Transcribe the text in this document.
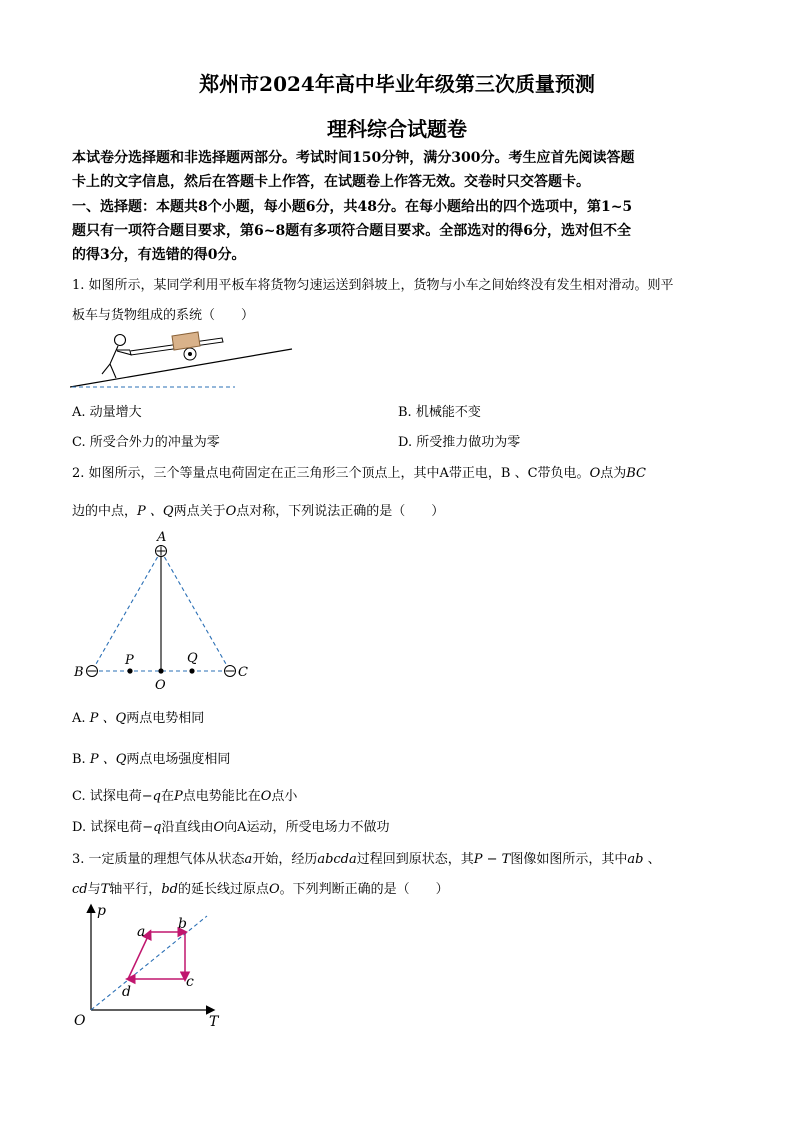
郑州市2024年高中毕业年级第三次质量预测
理科综合试题卷
本试卷分选择题和非选择题两部分。考试时间150分钟，满分300分。考生应首先阅读答题
卡上的文字信息，然后在答题卡上作答，在试题卷上作答无效。交卷时只交答题卡。
一、选择题：本题共8个小题，每小题6分，共48分。在每小题给出的四个选项中，第1~5
题只有一项符合题目要求，第6~8题有多项符合题目要求。全部选对的得6分，选对但不全
的得3分，有选错的得0分。
1. 如图所示，某同学利用平板车将货物匀速运送到斜坡上，货物与小车之间始终没有发生相对滑动。则平
板车与货物组成的系统（　　）
A. 动量增大	B. 机械能不变
C. 所受合外力的冲量为零	D. 所受推力做功为零
2. 如图所示，三个等量点电荷固定在正三角形三个顶点上，其中A带正电，B 、C带负电。O点为BC
边的中点，P 、Q两点关于O点对称，下列说法正确的是（　　）
A
B	C
P	Q
O
A. P 、Q两点电势相同
B. P 、Q两点电场强度相同
C. 试探电荷−q在P点电势能比在O点小
D. 试探电荷−q沿直线由O向A运动，所受电场力不做功
3. 一定质量的理想气体从状态a开始，经历abcda过程回到原状态，其P − T图像如图所示，其中ab 、
cd与T轴平行，bd的延长线过原点O。下列判断正确的是（　　）
p
T
O
a b
c
d
